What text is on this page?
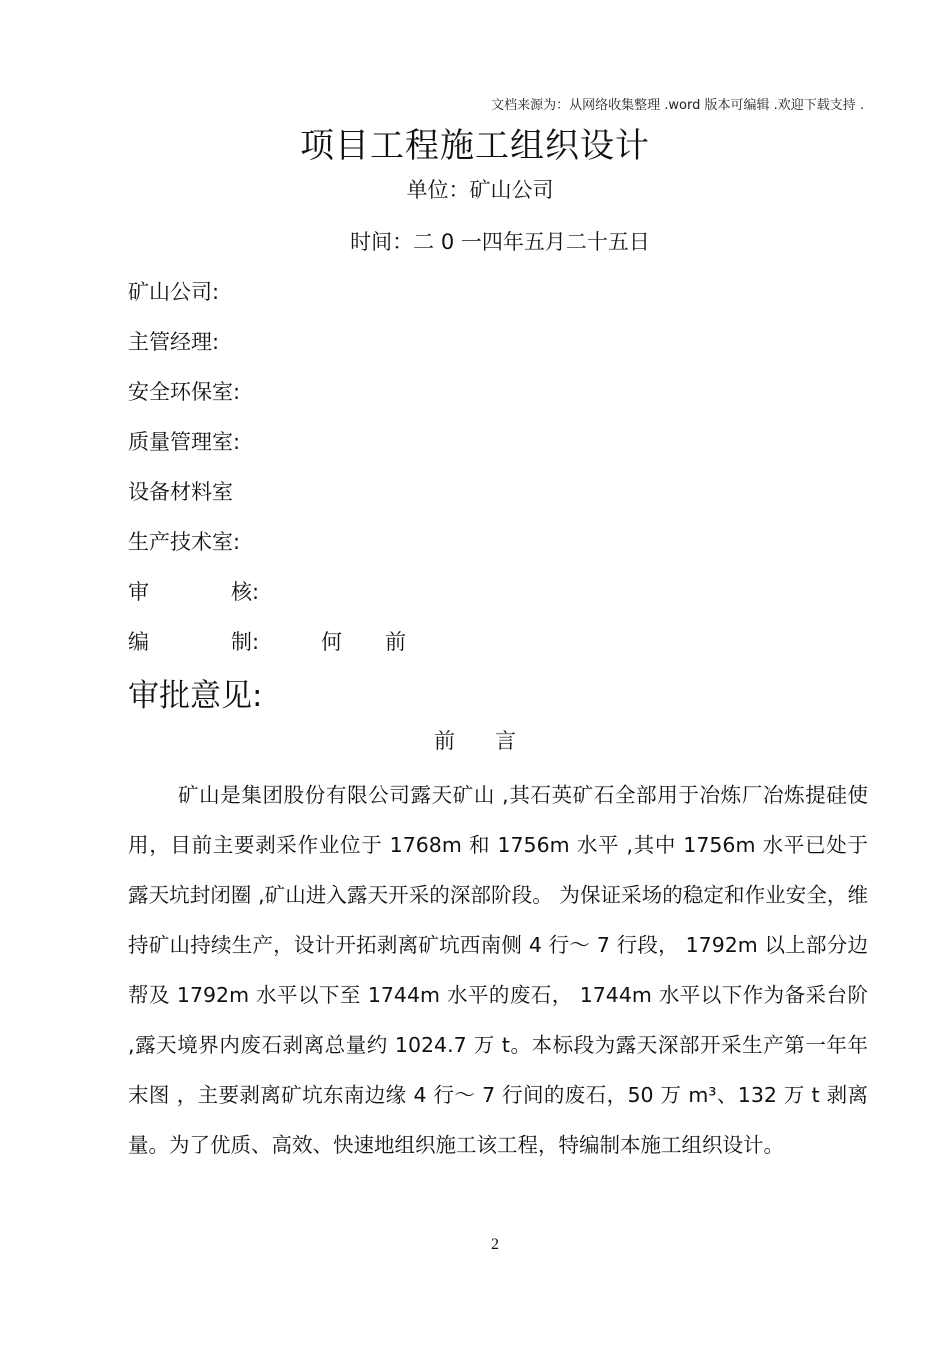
文档来源为：从网络收集整理 .word 版本可编辑 .欢迎下载支持 .
项目工程施工组织设计
单位：矿山公司
时间：二 0 一四年五月二十五日
矿山公司:
主管经理:
安全环保室:
质量管理室:
设备材料室
生产技术室:
审	核:
编	制:	何	前
审批意见:
前言

矿山是集团股份有限公司露天矿山 ,其石英矿石全部用于冶炼厂冶炼提硅使用，目前主要剥采作业位于 1768m 和 1756m 水平 ,其中 1756m 水平已处于露天坑封闭圈 ,矿山进入露天开采的深部阶段。 为保证采场的稳定和作业安全，维持矿山持续生产，设计开拓剥离矿坑西南侧 4 行～ 7 行段， 1792m 以上部分边帮及 1792m 水平以下至 1744m 水平的废石， 1744m 水平以下作为备采台阶 ,露天境界内废石剥离总量约 1024.7 万 t。本标段为露天深部开采生产第一年年末图 ，主要剥离矿坑东南边缘 4 行～ 7 行间的废石，50 万 m³、132 万 t 剥离量。为了优质、高效、快速地组织施工该工程，特编制本施工组织设计。

2
